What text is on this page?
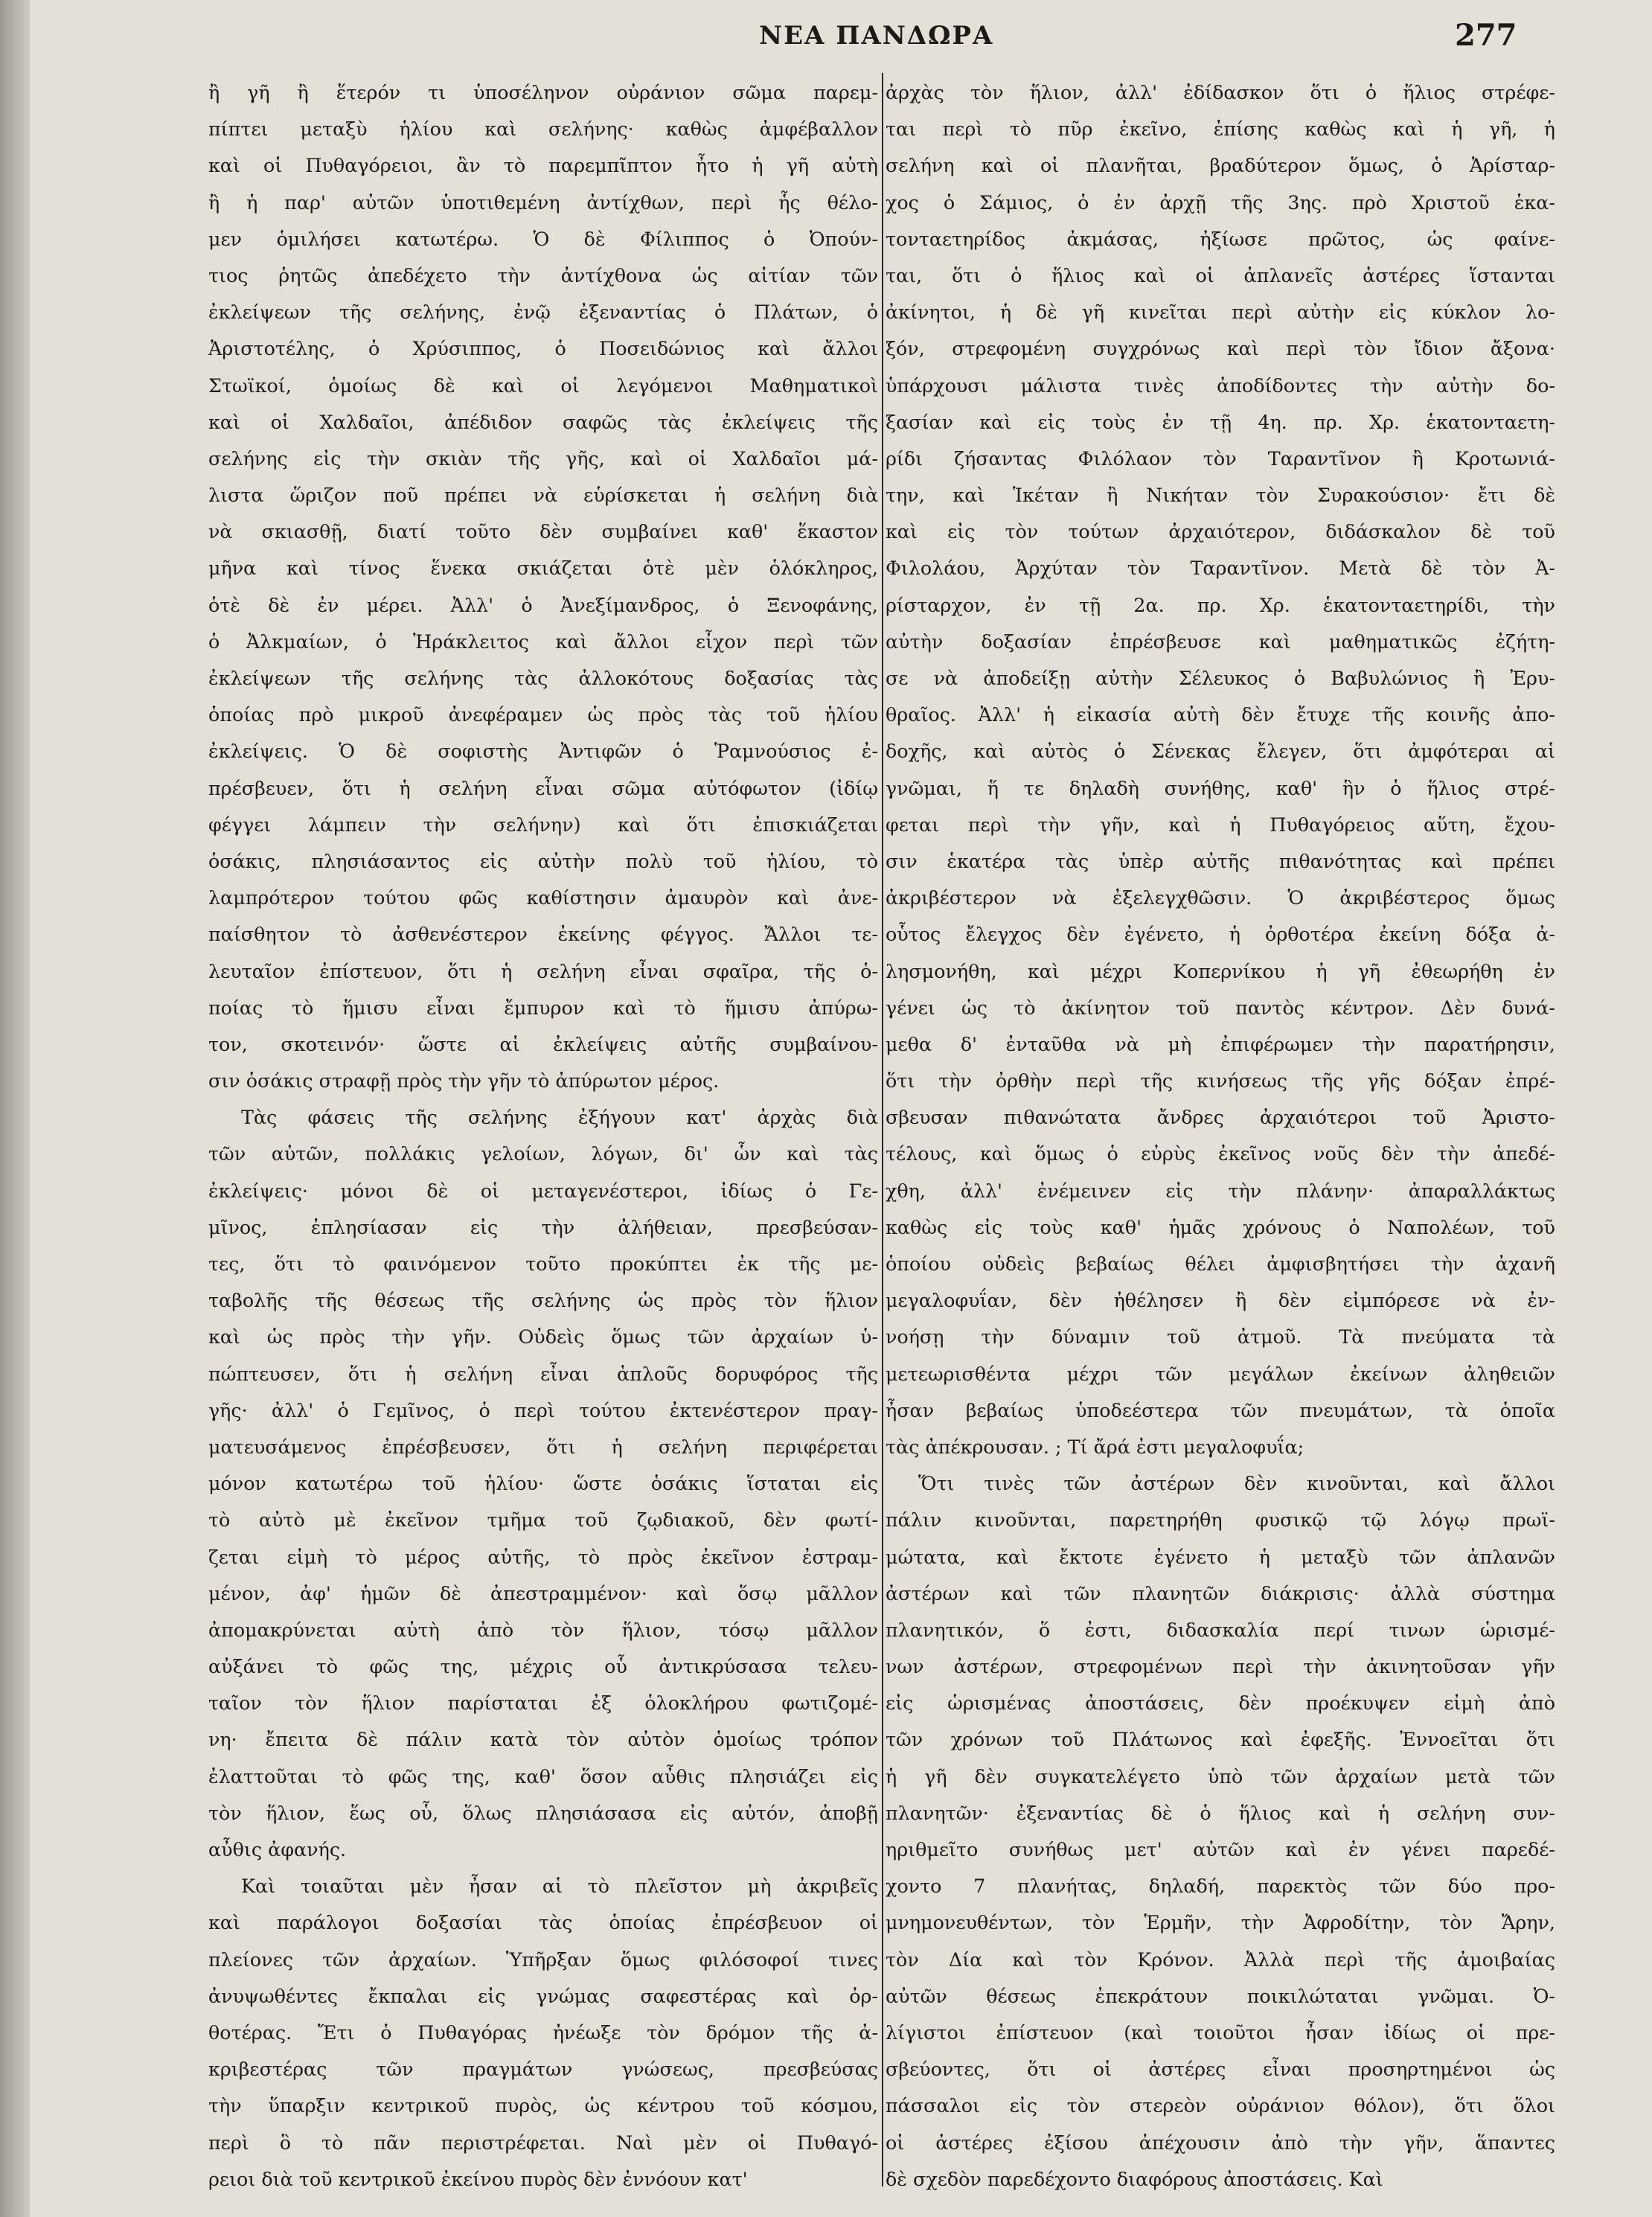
ΝΕΑ ΠΑΝΔΩΡΑ	277
ἢ γῆ ἢ ἕτερόν τι ὑποσέληνον οὐράνιον σῶμα παρεμ-
πίπτει μεταξὺ ἡλίου καὶ σελήνης· καθὼς ἀμφέβαλλον
καὶ οἱ Πυθαγόρειοι, ἂν τὸ παρεμπῖπτον ἦτο ἡ γῆ αὐτὴ
ἢ ἡ παρ' αὐτῶν ὑποτιθεμένη ἀντίχθων, περὶ ἧς θέλο-
μεν ὁμιλήσει κατωτέρω. Ὁ δὲ Φίλιππος ὁ Ὀπούν-
τιος ῥητῶς ἀπεδέχετο τὴν ἀντίχθονα ὡς αἰτίαν τῶν
ἐκλείψεων τῆς σελήνης, ἐνῷ ἐξεναντίας ὁ Πλάτων, ὁ
Ἀριστοτέλης, ὁ Χρύσιππος, ὁ Ποσειδώνιος καὶ ἄλλοι
Στωϊκοί, ὁμοίως δὲ καὶ οἱ λεγόμενοι Μαθηματικοὶ
καὶ οἱ Χαλδαῖοι, ἀπέδιδον σαφῶς τὰς ἐκλείψεις τῆς
σελήνης εἰς τὴν σκιὰν τῆς γῆς, καὶ οἱ Χαλδαῖοι μά-
λιστα ὥριζον ποῦ πρέπει νὰ εὑρίσκεται ἡ σελήνη διὰ
νὰ σκιασθῇ, διατί τοῦτο δὲν συμβαίνει καθ' ἕκαστον
μῆνα καὶ τίνος ἕνεκα σκιάζεται ὁτὲ μὲν ὁλόκληρος,
ὁτὲ δὲ ἐν μέρει. Ἀλλ' ὁ Ἀνεξίμανδρος, ὁ Ξενοφάνης,
ὁ Ἀλκμαίων, ὁ Ἡράκλειτος καὶ ἄλλοι εἶχον περὶ τῶν
ἐκλείψεων τῆς σελήνης τὰς ἀλλοκότους δοξασίας τὰς
ὁποίας πρὸ μικροῦ ἀνεφέραμεν ὡς πρὸς τὰς τοῦ ἡλίου
ἐκλείψεις. Ὁ δὲ σοφιστὴς Ἀντιφῶν ὁ Ῥαμνούσιος ἐ-
πρέσβευεν, ὅτι ἡ σελήνη εἶναι σῶμα αὐτόφωτον (ἰδίῳ
φέγγει λάμπειν τὴν σελήνην) καὶ ὅτι ἐπισκιάζεται
ὁσάκις, πλησιάσαντος εἰς αὐτὴν πολὺ τοῦ ἡλίου, τὸ
λαμπρότερον τούτου φῶς καθίστησιν ἀμαυρὸν καὶ ἀνε-
παίσθητον τὸ ἀσθενέστερον ἐκείνης φέγγος. Ἄλλοι τε-
λευταῖον ἐπίστευον, ὅτι ἡ σελήνη εἶναι σφαῖρα, τῆς ὁ-
ποίας τὸ ἥμισυ εἶναι ἔμπυρον καὶ τὸ ἥμισυ ἀπύρω-
τον, σκοτεινόν· ὥστε αἱ ἐκλείψεις αὐτῆς συμβαίνου-
σιν ὁσάκις στραφῇ πρὸς τὴν γῆν τὸ ἀπύρωτον μέρος.
Τὰς φάσεις τῆς σελήνης ἐξήγουν κατ' ἀρχὰς διὰ
τῶν αὐτῶν, πολλάκις γελοίων, λόγων, δι' ὧν καὶ τὰς
ἐκλείψεις· μόνοι δὲ οἱ μεταγενέστεροι, ἰδίως ὁ Γε-
μῖνος, ἐπλησίασαν εἰς τὴν ἀλήθειαν, πρεσβεύσαν-
τες, ὅτι τὸ φαινόμενον τοῦτο προκύπτει ἐκ τῆς με-
ταβολῆς τῆς θέσεως τῆς σελήνης ὡς πρὸς τὸν ἥλιον
καὶ ὡς πρὸς τὴν γῆν. Οὐδεὶς ὅμως τῶν ἀρχαίων ὑ-
πώπτευσεν, ὅτι ἡ σελήνη εἶναι ἁπλοῦς δορυφόρος τῆς
γῆς· ἀλλ' ὁ Γεμῖνος, ὁ περὶ τούτου ἐκτενέστερον πραγ-
ματευσάμενος ἐπρέσβευσεν, ὅτι ἡ σελήνη περιφέρεται
μόνον κατωτέρω τοῦ ἡλίου· ὥστε ὁσάκις ἵσταται εἰς
τὸ αὐτὸ μὲ ἐκεῖνον τμῆμα τοῦ ζῳδιακοῦ, δὲν φωτί-
ζεται εἰμὴ τὸ μέρος αὐτῆς, τὸ πρὸς ἐκεῖνον ἐστραμ-
μένον, ἀφ' ἡμῶν δὲ ἀπεστραμμένον· καὶ ὅσῳ μᾶλλον
ἀπομακρύνεται αὐτὴ ἀπὸ τὸν ἥλιον, τόσῳ μᾶλλον
αὐξάνει τὸ φῶς της, μέχρις οὗ ἀντικρύσασα τελευ-
ταῖον τὸν ἥλιον παρίσταται ἐξ ὁλοκλήρου φωτιζομέ-
νη· ἔπειτα δὲ πάλιν κατὰ τὸν αὐτὸν ὁμοίως τρόπον
ἐλαττοῦται τὸ φῶς της, καθ' ὅσον αὖθις πλησιάζει εἰς
τὸν ἥλιον, ἕως οὗ, ὅλως πλησιάσασα εἰς αὐτόν, ἀποβῇ
αὖθις ἀφανής.
Καὶ τοιαῦται μὲν ἦσαν αἱ τὸ πλεῖστον μὴ ἀκριβεῖς
καὶ παράλογοι δοξασίαι τὰς ὁποίας ἐπρέσβευον οἱ
πλείονες τῶν ἀρχαίων. Ὑπῆρξαν ὅμως φιλόσοφοί τινες
ἀνυψωθέντες ἔκπαλαι εἰς γνώμας σαφεστέρας καὶ ὀρ-
θοτέρας. Ἔτι ὁ Πυθαγόρας ἠνέωξε τὸν δρόμον τῆς ἀ-
κριβεστέρας τῶν πραγμάτων γνώσεως, πρεσβεύσας
τὴν ὕπαρξιν κεντρικοῦ πυρὸς, ὡς κέντρου τοῦ κόσμου,
περὶ ὃ τὸ πᾶν περιστρέφεται. Ναὶ μὲν οἱ Πυθαγό-
ρειοι διὰ τοῦ κεντρικοῦ ἐκείνου πυρὸς δὲν ἐννόουν κατ'
ἀρχὰς τὸν ἥλιον, ἀλλ' ἐδίδασκον ὅτι ὁ ἥλιος στρέφε-
ται περὶ τὸ πῦρ ἐκεῖνο, ἐπίσης καθὼς καὶ ἡ γῆ, ἡ
σελήνη καὶ οἱ πλανῆται, βραδύτερον ὅμως, ὁ Ἀρίσταρ-
χος ὁ Σάμιος, ὁ ἐν ἀρχῇ τῆς 3ης. πρὸ Χριστοῦ ἑκα-
τονταετηρίδος ἀκμάσας, ἠξίωσε πρῶτος, ὡς φαίνε-
ται, ὅτι ὁ ἥλιος καὶ οἱ ἀπλανεῖς ἀστέρες ἵστανται
ἀκίνητοι, ἡ δὲ γῆ κινεῖται περὶ αὐτὴν εἰς κύκλον λο-
ξόν, στρεφομένη συγχρόνως καὶ περὶ τὸν ἴδιον ἄξονα·
ὑπάρχουσι μάλιστα τινὲς ἀποδίδοντες τὴν αὐτὴν δο-
ξασίαν καὶ εἰς τοὺς ἐν τῇ 4η. πρ. Χρ. ἑκατονταετη-
ρίδι ζήσαντας Φιλόλαον τὸν Ταραντῖνον ἢ Κροτωνιά-
την, καὶ Ἱκέταν ἢ Νικήταν τὸν Συρακούσιον· ἔτι δὲ
καὶ εἰς τὸν τούτων ἀρχαιότερον, διδάσκαλον δὲ τοῦ
Φιλολάου, Ἀρχύταν τὸν Ταραντῖνον. Μετὰ δὲ τὸν Ἀ-
ρίσταρχον, ἐν τῇ 2α. πρ. Χρ. ἑκατονταετηρίδι, τὴν
αὐτὴν δοξασίαν ἐπρέσβευσε καὶ μαθηματικῶς ἐζήτη-
σε νὰ ἀποδείξῃ αὐτὴν Σέλευκος ὁ Βαβυλώνιος ἢ Ἐρυ-
θραῖος. Ἀλλ' ἡ εἰκασία αὐτὴ δὲν ἔτυχε τῆς κοινῆς ἀπο-
δοχῆς, καὶ αὐτὸς ὁ Σένεκας ἔλεγεν, ὅτι ἀμφότεραι αἱ
γνῶμαι, ἥ τε δηλαδὴ συνήθης, καθ' ἣν ὁ ἥλιος στρέ-
φεται περὶ τὴν γῆν, καὶ ἡ Πυθαγόρειος αὕτη, ἔχου-
σιν ἑκατέρα τὰς ὑπὲρ αὐτῆς πιθανότητας καὶ πρέπει
ἀκριβέστερον νὰ ἐξελεγχθῶσιν. Ὁ ἀκριβέστερος ὅμως
οὗτος ἔλεγχος δὲν ἐγένετο, ἡ ὀρθοτέρα ἐκείνη δόξα ἀ-
λησμονήθη, καὶ μέχρι Κοπερνίκου ἡ γῆ ἐθεωρήθη ἐν
γένει ὡς τὸ ἀκίνητον τοῦ παντὸς κέντρον. Δὲν δυνά-
μεθα δ' ἐνταῦθα νὰ μὴ ἐπιφέρωμεν τὴν παρατήρησιν,
ὅτι τὴν ὀρθὴν περὶ τῆς κινήσεως τῆς γῆς δόξαν ἐπρέ-
σβευσαν πιθανώτατα ἄνδρες ἀρχαιότεροι τοῦ Ἀριστο-
τέλους, καὶ ὅμως ὁ εὐρὺς ἐκεῖνος νοῦς δὲν τὴν ἀπεδέ-
χθη, ἀλλ' ἐνέμεινεν εἰς τὴν πλάνην· ἀπαραλλάκτως
καθὼς εἰς τοὺς καθ' ἡμᾶς χρόνους ὁ Ναπολέων, τοῦ
ὁποίου οὐδεὶς βεβαίως θέλει ἀμφισβητήσει τὴν ἀχανῆ
μεγαλοφυΐαν, δὲν ἠθέλησεν ἢ δὲν εἰμπόρεσε νὰ ἐν-
νοήσῃ τὴν δύναμιν τοῦ ἀτμοῦ. Τὰ πνεύματα τὰ
μετεωρισθέντα μέχρι τῶν μεγάλων ἐκείνων ἀληθειῶν
ἦσαν βεβαίως ὑποδεέστερα τῶν πνευμάτων, τὰ ὁποῖα
τὰς ἀπέκρουσαν. ; Τί ἄρά ἐστι μεγαλοφυΐα;
Ὅτι τινὲς τῶν ἀστέρων δὲν κινοῦνται, καὶ ἄλλοι
πάλιν κινοῦνται, παρετηρήθη φυσικῷ τῷ λόγῳ πρωϊ-
μώτατα, καὶ ἔκτοτε ἐγένετο ἡ μεταξὺ τῶν ἀπλανῶν
ἀστέρων καὶ τῶν πλανητῶν διάκρισις· ἀλλὰ σύστημα
πλανητικόν, ὅ ἐστι, διδασκαλία περί τινων ὡρισμέ-
νων ἀστέρων, στρεφομένων περὶ τὴν ἀκινητοῦσαν γῆν
εἰς ὡρισμένας ἀποστάσεις, δὲν προέκυψεν εἰμὴ ἀπὸ
τῶν χρόνων τοῦ Πλάτωνος καὶ ἐφεξῆς. Ἐννοεῖται ὅτι
ἡ γῆ δὲν συγκατελέγετο ὑπὸ τῶν ἀρχαίων μετὰ τῶν
πλανητῶν· ἐξεναντίας δὲ ὁ ἥλιος καὶ ἡ σελήνη συν-
ηριθμεῖτο συνήθως μετ' αὐτῶν καὶ ἐν γένει παρεδέ-
χοντο 7 πλανήτας, δηλαδή, παρεκτὸς τῶν δύο προ-
μνημονευθέντων, τὸν Ἑρμῆν, τὴν Ἀφροδίτην, τὸν Ἄρην,
τὸν Δία καὶ τὸν Κρόνον. Ἀλλὰ περὶ τῆς ἀμοιβαίας
αὐτῶν θέσεως ἐπεκράτουν ποικιλώταται γνῶμαι. Ὀ-
λίγιστοι ἐπίστευον (καὶ τοιοῦτοι ἦσαν ἰδίως οἱ πρε-
σβεύοντες, ὅτι οἱ ἀστέρες εἶναι προσηρτημένοι ὡς
πάσσαλοι εἰς τὸν στερεὸν οὐράνιον θόλον), ὅτι ὅλοι
οἱ ἀστέρες ἐξίσου ἀπέχουσιν ἀπὸ τὴν γῆν, ἅπαντες
δὲ σχεδὸν παρεδέχοντο διαφόρους ἀποστάσεις. Καὶ
